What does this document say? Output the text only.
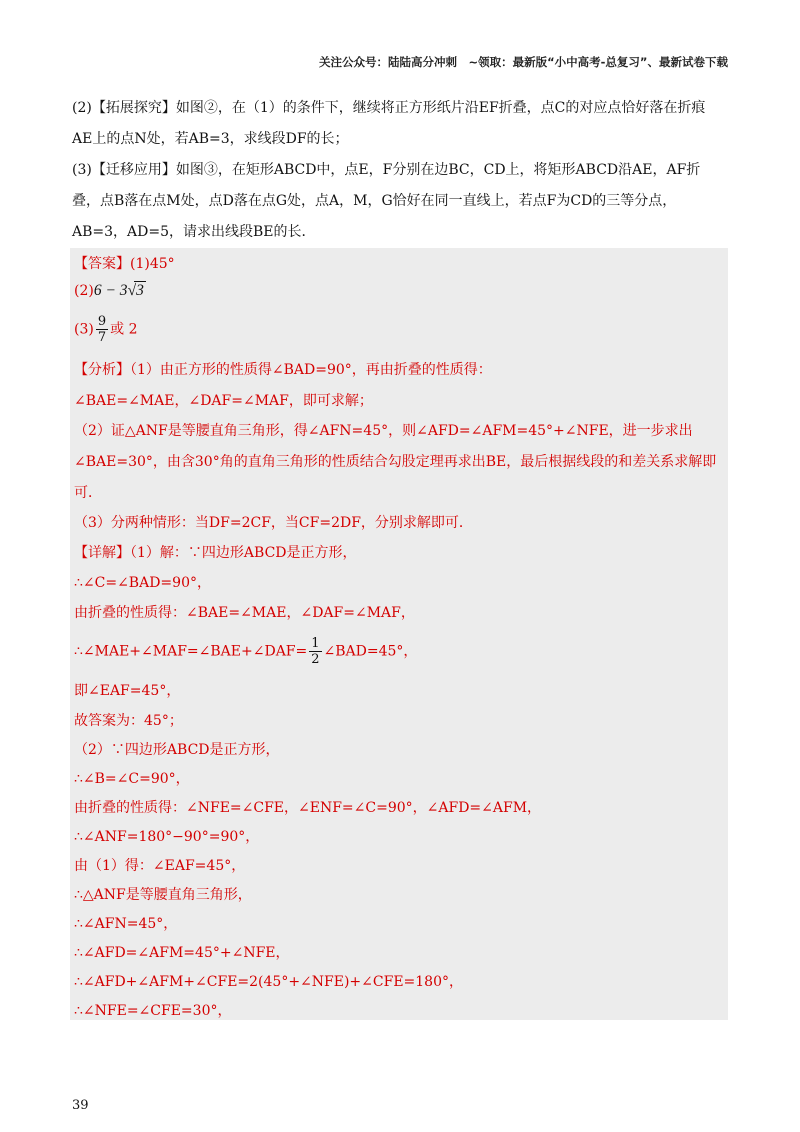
关注公众号：陆陆高分冲刺　~领取：最新版“小中高考-总复习”、最新试卷下载
(2)【拓展探究】如图②，在（1）的条件下，继续将正方形纸片沿EF折叠，点C的对应点恰好落在折痕
AE上的点N处，若AB=3，求线段DF的长；
(3)【迁移应用】如图③，在矩形ABCD中，点E，F分别在边BC，CD上，将矩形ABCD沿AE，AF折
叠，点B落在点M处，点D落在点G处，点A，M，G恰好在同一直线上，若点F为CD的三等分点，
AB=3，AD=5，请求出线段BE的长．
【答案】(1)45°
(2)6 − 3√3
$(3) \frac{9}{7}$ 或 2
【分析】（1）由正方形的性质得∠BAD=90°，再由折叠的性质得：
∠BAE=∠MAE，∠DAF=∠MAF，即可求解；
（2）证△ANF是等腰直角三角形，得∠AFN=45°，则∠AFD=∠AFM=45°+∠NFE，进一步求出
∠BAE=30°，由含30°角的直角三角形的性质结合勾股定理再求出BE，最后根据线段的和差关系求解即
可．
（3）分两种情形：当DF=2CF，当CF=2DF，分别求解即可．
【详解】（1）解：∵四边形ABCD是正方形，
∴∠C=∠BAD=90°，
由折叠的性质得：∠BAE=∠MAE，∠DAF=∠MAF，
∴∠MAE+∠MAF=∠BAE+∠DAF= $\frac{1}{2}$ ∠BAD=45°，
即∠EAF=45°，
故答案为：45°；
（2）∵四边形ABCD是正方形，
∴∠B=∠C=90°，
由折叠的性质得：∠NFE=∠CFE，∠ENF=∠C=90°，∠AFD=∠AFM，
∴∠ANF=180°−90°=90°，
由（1）得：∠EAF=45°，
∴△ANF是等腰直角三角形，
∴∠AFN=45°，
∴∠AFD=∠AFM=45°+∠NFE，
∴∠AFD+∠AFM+∠CFE=2(45°+∠NFE)+∠CFE=180°，
∴∠NFE=∠CFE=30°，
39
